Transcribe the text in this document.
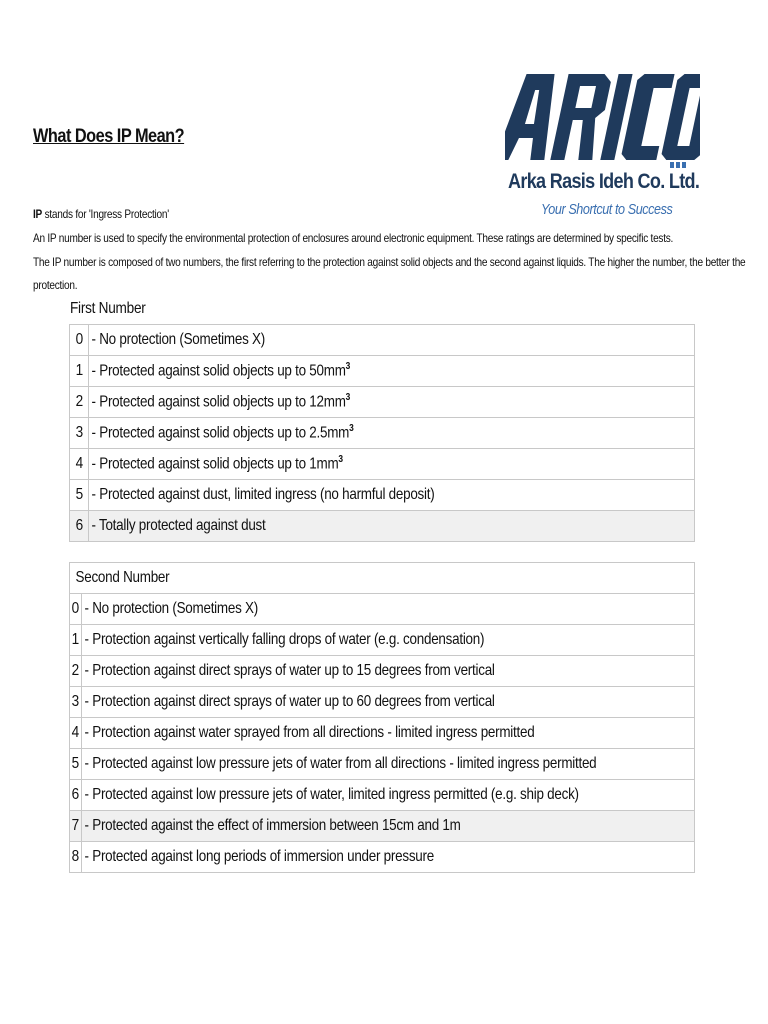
What Does IP Mean?
Arka Rasis Ideh Co. Ltd.
Your Shortcut to Success
IP stands for 'Ingress Protection'
An IP number is used to specify the environmental protection of enclosures around electronic equipment. These ratings are determined by specific tests.
The IP number is composed of two numbers, the first referring to the protection against solid objects and the second against liquids. The higher the number, the better the
protection.
First Number
0	- No protection (Sometimes X)
1	- Protected against solid objects up to $50mm^3$
2	- Protected against solid objects up to $12mm^3$
3	- Protected against solid objects up to $2.5mm^3$
4	- Protected against solid objects up to $1mm^3$
5	- Protected against dust, limited ingress (no harmful deposit)
6	- Totally protected against dust
Second Number	
0	- No protection (Sometimes X)
1	- Protection against vertically falling drops of water (e.g. condensation)
2	- Protection against direct sprays of water up to 15 degrees from vertical
3	- Protection against direct sprays of water up to 60 degrees from vertical
4	- Protection against water sprayed from all directions - limited ingress permitted
5	- Protected against low pressure jets of water from all directions - limited ingress permitted
6	- Protected against low pressure jets of water, limited ingress permitted (e.g. ship deck)
7	- Protected against the effect of immersion between 15cm and 1m
8	- Protected against long periods of immersion under pressure
